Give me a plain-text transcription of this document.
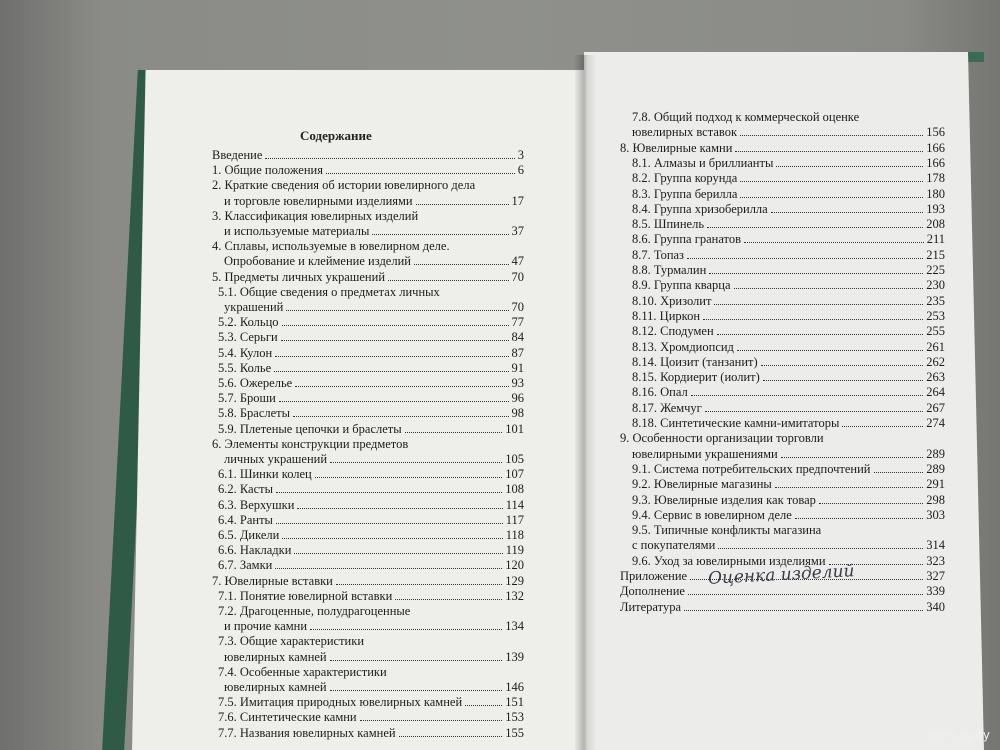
Содержание
Введение	3
1. Общие положения	6
2. Краткие сведения об истории ювелирного дела
и торговле ювелирными изделиями	17
3. Классификация ювелирных изделий
и используемые материалы	37
4. Сплавы, используемые в ювелирном деле.
Опробование и клеймение изделий	47
5. Предметы личных украшений	70
5.1. Общие сведения о предметах личных
украшений	70
5.2. Кольцо	77
5.3. Серьги	84
5.4. Кулон	87
5.5. Колье	91
5.6. Ожерелье	93
5.7. Броши	96
5.8. Браслеты	98
5.9. Плетеные цепочки и браслеты	101
6. Элементы конструкции предметов
личных украшений	105
6.1. Шинки колец	107
6.2. Касты	108
6.3. Верхушки	114
6.4. Ранты	117
6.5. Дикели	118
6.6. Накладки	119
6.7. Замки	120
7. Ювелирные вставки	129
7.1. Понятие ювелирной вставки	132
7.2. Драгоценные, полудрагоценные
и прочие камни	134
7.3. Общие характеристики
ювелирных камней	139
7.4. Особенные характеристики
ювелирных камней	146
7.5. Имитация природных ювелирных камней	151
7.6. Синтетические камни	153
7.7. Названия ювелирных камней	155
7.8. Общий подход к коммерческой оценке
ювелирных вставок	156
8. Ювелирные камни	166
8.1. Алмазы и бриллианты	166
8.2. Группа корунда	178
8.3. Группа берилла	180
8.4. Группа хризоберилла	193
8.5. Шпинель	208
8.6. Группа гранатов	211
8.7. Топаз	215
8.8. Турмалин	225
8.9. Группа кварца	230
8.10. Хризолит	235
8.11. Циркон	253
8.12. Сподумен	255
8.13. Хромдиопсид	261
8.14. Цоизит (танзанит)	262
8.15. Кордиерит (иолит)	263
8.16. Опал	264
8.17. Жемчуг	267
8.18. Синтетические камни-имитаторы	274
9. Особенности организации торговли
ювелирными украшениями	289
9.1. Система потребительских предпочтений	289
9.2. Ювелирные магазины	291
9.3. Ювелирные изделия как товар	298
9.4. Сервис в ювелирном деле	303
9.5. Типичные конфликты магазина
с покупателями	314
9.6. Уход за ювелирными изделиями	323
Приложение	327
Дополнение	339
Литература	340
Оценка изделий
www.ay.by
